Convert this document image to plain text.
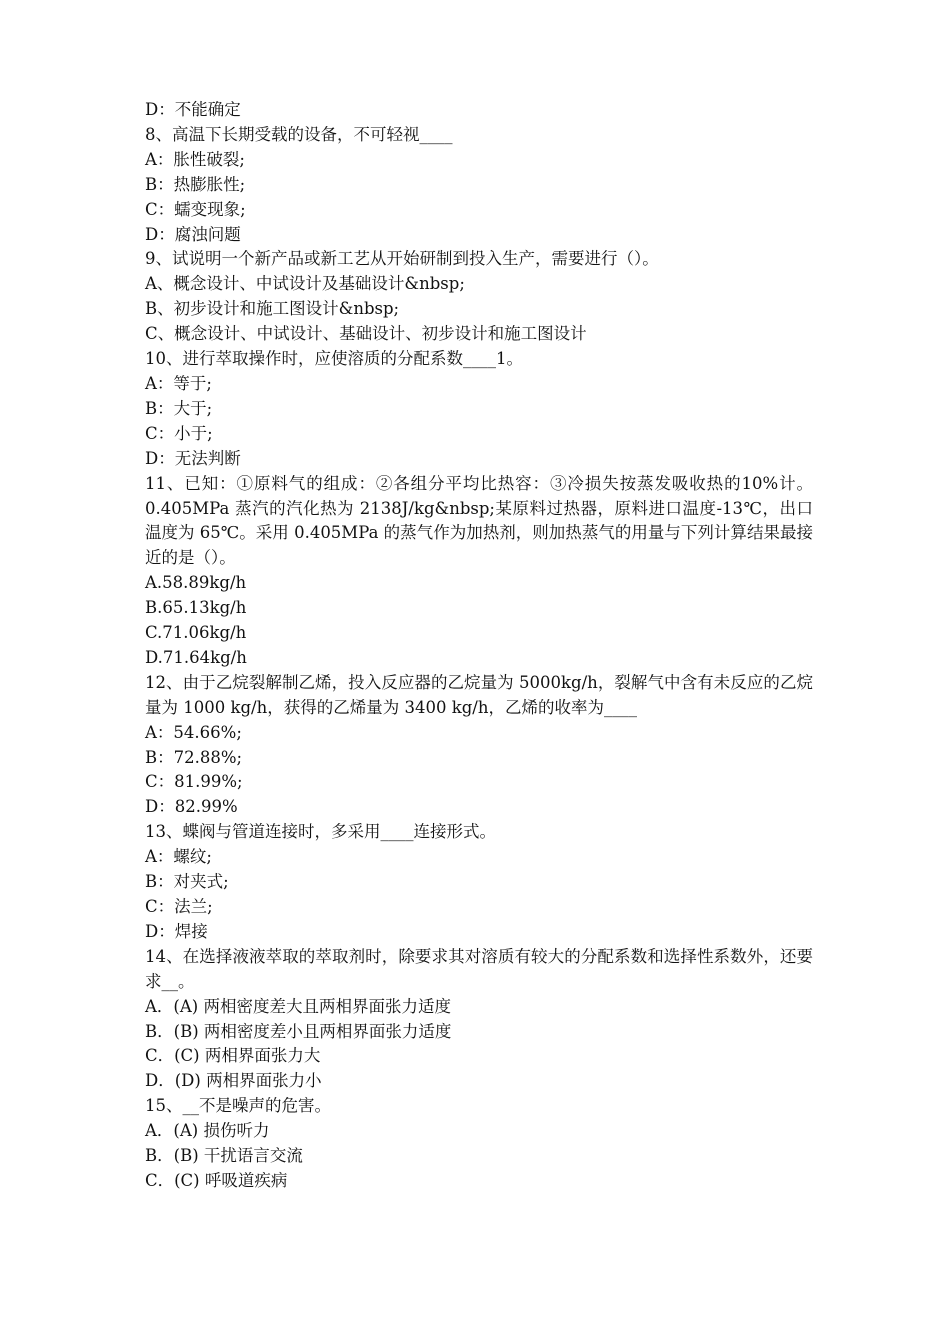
D：不能确定

8、高温下长期受载的设备，不可轻视____

A：胀性破裂;

B：热膨胀性;

C：蠕变现象;

D：腐浊问题

9、试说明一个新产品或新工艺从开始研制到投入生产，需要进行（）。

A、概念设计、中试设计及基础设计&nbsp;

B、初步设计和施工图设计&nbsp;

C、概念设计、中试设计、基础设计、初步设计和施工图设计

10、进行萃取操作时，应使溶质的分配系数____1。

A：等于;

B：大于;

C：小于;

D：无法判断

11、已知：①原料气的组成：②各组分平均比热容：③冷损失按蒸发吸收热的10%计。0.405MPa 蒸汽的汽化热为 2138J/kg&nbsp;某原料过热器，原料进口温度-13℃，出口温度为 65℃。采用 0.405MPa 的蒸气作为加热剂，则加热蒸气的用量与下列计算结果最接近的是（）。

A.58.89kg/h

B.65.13kg/h

C.71.06kg/h

D.71.64kg/h

12、由于乙烷裂解制乙烯，投入反应器的乙烷量为 5000kg/h，裂解气中含有未反应的乙烷量为 1000 kg/h，获得的乙烯量为 3400 kg/h，乙烯的收率为____

A：54.66%;

B：72.88%;

C：81.99%;

D：82.99%

13、蝶阀与管道连接时，多采用____连接形式。

A：螺纹;

B：对夹式;

C：法兰;

D：焊接

14、在选择液液萃取的萃取剂时，除要求其对溶质有较大的分配系数和选择性系数外，还要求__。

A．(A) 两相密度差大且两相界面张力适度

B．(B) 两相密度差小且两相界面张力适度

C．(C) 两相界面张力大

D．(D) 两相界面张力小

15、__不是噪声的危害。

A．(A) 损伤听力

B．(B) 干扰语言交流

C．(C) 呼吸道疾病
